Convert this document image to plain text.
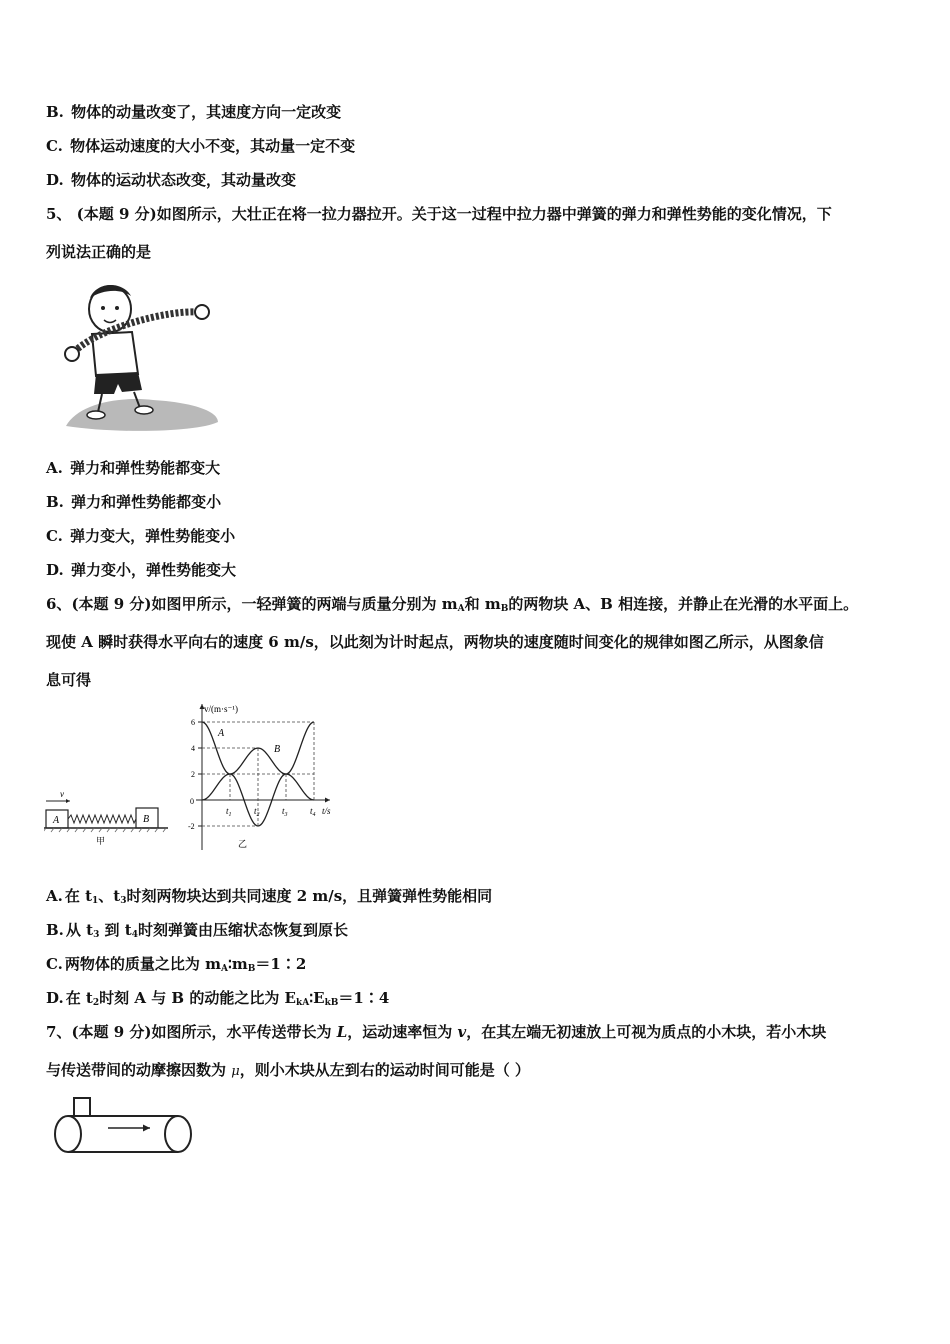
B. 物体的动量改变了，其速度方向一定改变
C. 物体运动速度的大小不变，其动量一定不变
D. 物体的运动状态改变，其动量改变
5、 (本题 9 分)如图所示，大壮正在将一拉力器拉开。关于这一过程中拉力器中弹簧的弹力和弹性势能的变化情况，下
列说法正确的是
A. 弹力和弹性势能都变大
B. 弹力和弹性势能都变小
C. 弹力变大，弹性势能变小
D. 弹力变小，弹性势能变大
6、(本题 9 分)如图甲所示，一轻弹簧的两端与质量分别为 $m_A$和 $m_B$的两物块 A、B 相连接，并静止在光滑的水平面上。
现使 A 瞬时获得水平向右的速度 6 m/s，以此刻为计时起点，两物块的速度随时间变化的规律如图乙所示，从图象信
息可得
v
A	B
甲
v/(m·s⁻¹)
t/s
0
6
4
2
-2
$t_1$ $t_2$ $t_3$ $t_4$
A
B
乙
A. 在 $t_1$、$t_3$时刻两物块达到共同速度 2 m/s，且弹簧弹性势能相同
B. 从 $t_3$ 到 $t_4$时刻弹簧由压缩状态恢复到原长
C. 两物体的质量之比为 $m_A∶m_B=1∶2$
D. 在 $t_2$时刻 A 与 B 的动能之比为 $E_{kA}∶E_{kB}=1∶4$
7、(本题 9 分)如图所示，水平传送带长为 L，运动速率恒为 v，在其左端无初速放上可视为质点的小木块，若小木块
与传送带间的动摩擦因数为 μ，则小木块从左到右的运动时间可能是（ ）
